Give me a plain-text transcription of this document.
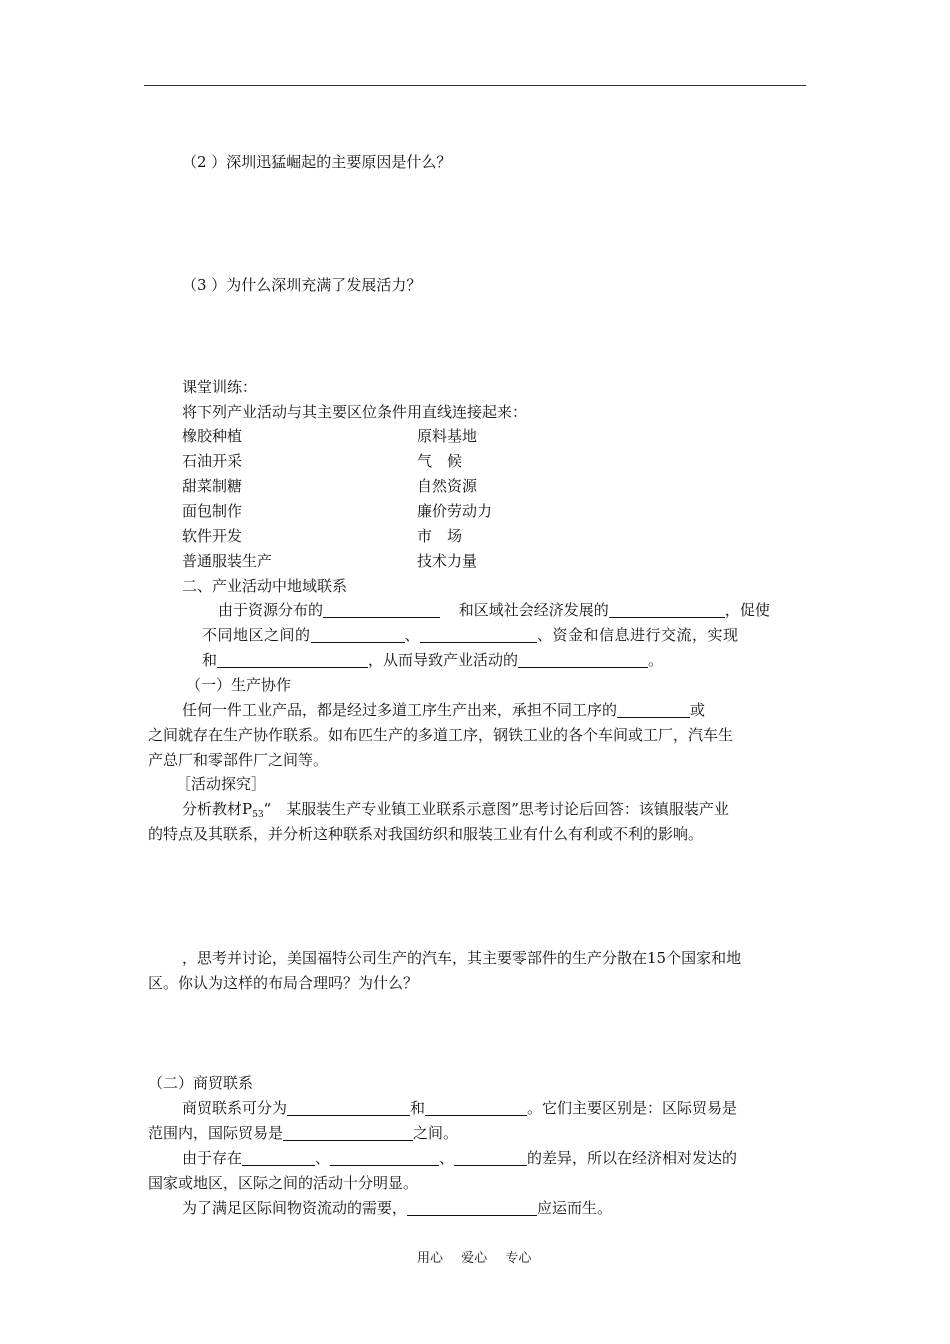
（2 ）深圳迅猛崛起的主要原因是什么？
（3 ）为什么深圳充满了发展活力？
课堂训练：
将下列产业活动与其主要区位条件用直线连接起来：
橡胶种植	原料基地
石油开采	气　候
甜菜制糖	自然资源
面包制作	廉价劳动力
软件开发	市　场
普通服装生产	技术力量
二、产业活动中地域联系
由于资源分布的	和区域社会经济发展的	，促使
不同地区之间的	、	、资金和信息进行交流，实现
和	，从而导致产业活动的	。
（一）生产协作
任何一件工业产品，都是经过多道工序生产出来，承担不同工序的	或
之间就存在生产协作联系。如布匹生产的多道工序，钢铁工业的各个车间或工厂，汽车生
产总厂和零部件厂之间等。
［活动探究］
分析教材$P_{53}“$　某服装生产专业镇工业联系示意图”思考讨论后回答：该镇服装产业
的特点及其联系，并分析这种联系对我国纺织和服装工业有什么有利或不利的影响。
，思考并讨论，美国福特公司生产的汽车，其主要零部件的生产分散在15个国家和地
区。你认为这样的布局合理吗？为什么？
（二）商贸联系
商贸联系可分为	和	。它们主要区别是：区际贸易是
范围内，国际贸易是	之间。
由于存在	、	、	的差异，所以在经济相对发达的
国家或地区，区际之间的活动十分明显。
为了满足区际间物资流动的需要，	应运而生。
用心 爱心 专心
